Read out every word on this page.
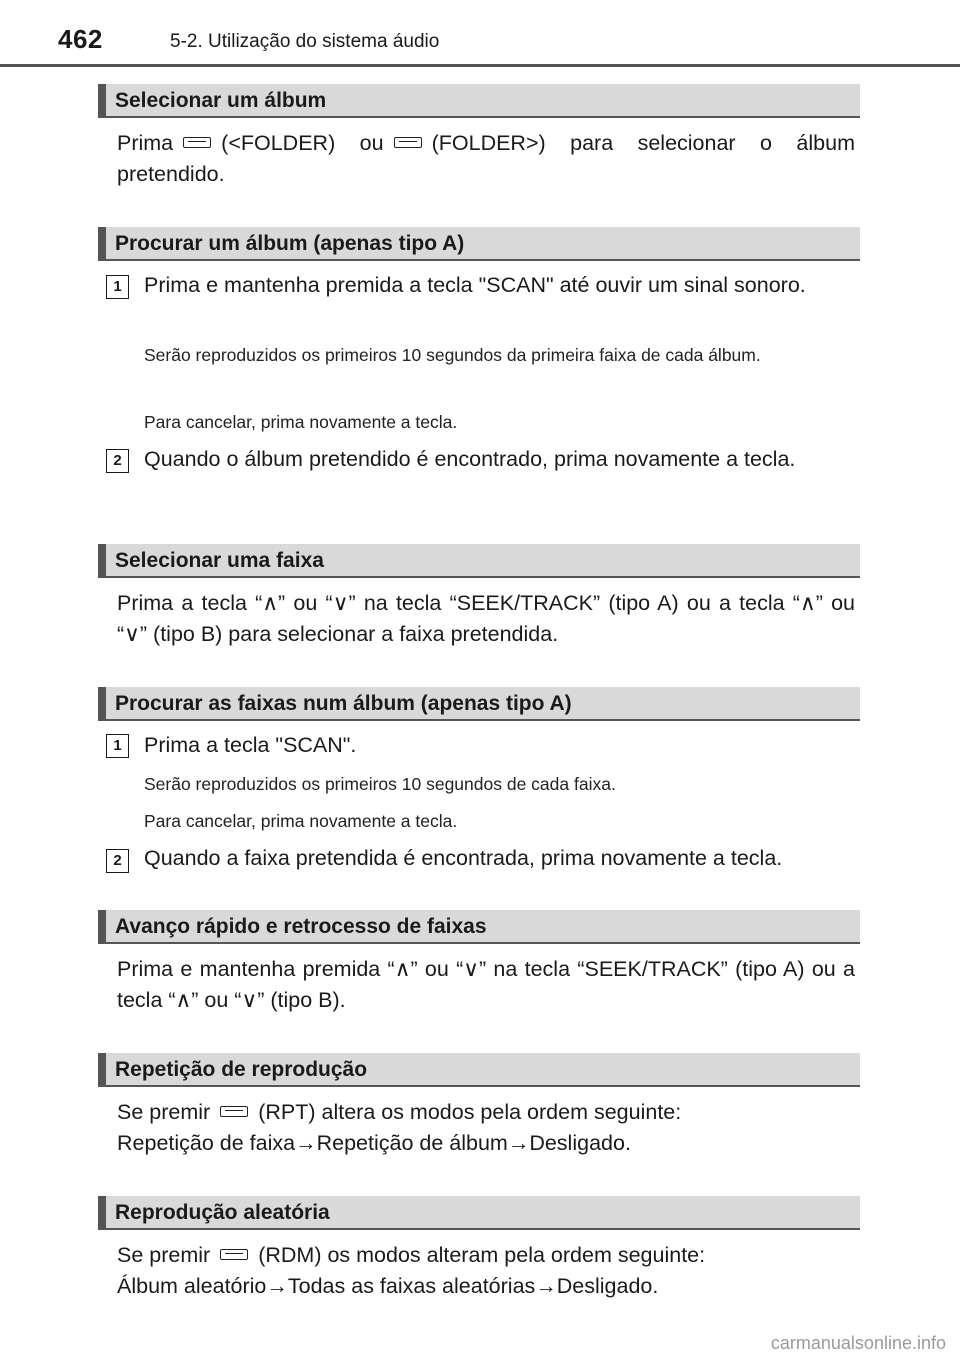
462	5-2. Utilização do sistema áudio
Selecionar um álbum
Prima (<FOLDER) ou (FOLDER>) para selecionar o álbum pretendido.
Procurar um álbum (apenas tipo A)
1	Prima e mantenha premida a tecla "SCAN" até ouvir um sinal sonoro.
Serão reproduzidos os primeiros 10 segundos da primeira faixa de cada álbum.
Para cancelar, prima novamente a tecla.
2	Quando o álbum pretendido é encontrado, prima novamente a tecla.
Selecionar uma faixa
Prima a tecla “∧” ou “∨” na tecla “SEEK/TRACK” (tipo A) ou a tecla “∧” ou “∨” (tipo B) para selecionar a faixa pretendida.
Procurar as faixas num álbum (apenas tipo A)
1	Prima a tecla "SCAN".
Serão reproduzidos os primeiros 10 segundos de cada faixa.
Para cancelar, prima novamente a tecla.
2	Quando a faixa pretendida é encontrada, prima novamente a tecla.
Avanço rápido e retrocesso de faixas
Prima e mantenha premida “∧” ou “∨” na tecla “SEEK/TRACK” (tipo A) ou a tecla “∧” ou “∨” (tipo B).
Repetição de reprodução
Se premir (RPT) altera os modos pela ordem seguinte:
Repetição de faixa→Repetição de álbum→Desligado.
Reprodução aleatória
Se premir (RDM) os modos alteram pela ordem seguinte:
Álbum aleatório→Todas as faixas aleatórias→Desligado.
carmanualsonline.info
